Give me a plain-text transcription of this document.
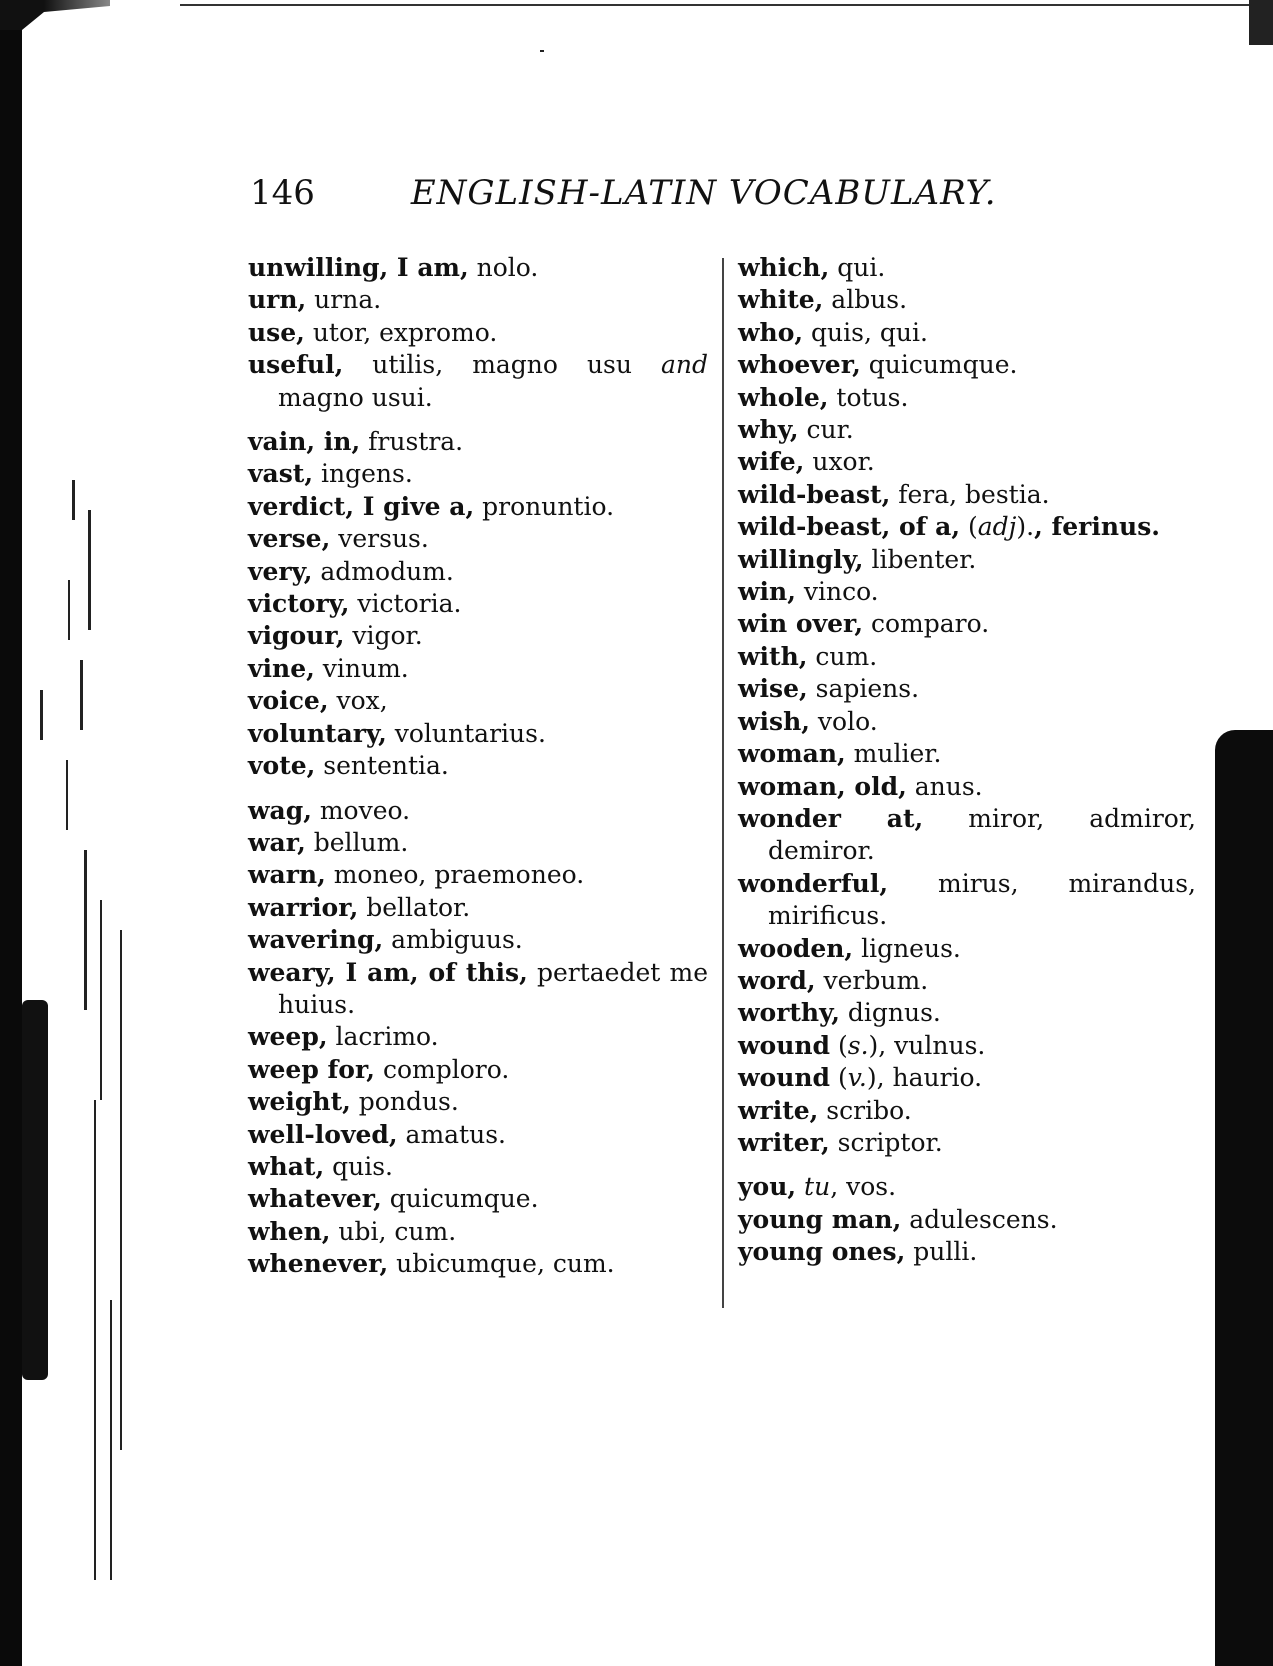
146	ENGLISH-LATIN VOCABULARY.
unwilling, I am, nolo.
urn, urna.
use, utor, expromo.
useful, utilis, magno usu and magno usui.
vain, in, frustra.
vast, ingens.
verdict, I give a, pronuntio.
verse, versus.
very, admodum.
victory, victoria.
vigour, vigor.
vine, vinum.
voice, vox,
voluntary, voluntarius.
vote, sententia.
wag, moveo.
war, bellum.
warn, moneo, praemoneo.
warrior, bellator.
wavering, ambiguus.
weary, I am, of this, pertaedet me huius.
weep, lacrimo.
weep for, comploro.
weight, pondus.
well-loved, amatus.
what, quis.
whatever, quicumque.
when, ubi, cum.
whenever, ubicumque, cum.
which, qui.
white, albus.
who, quis, qui.
whoever, quicumque.
whole, totus.
why, cur.
wife, uxor.
wild-beast, fera, bestia.
wild-beast, of a, (adj)., ferinus.
willingly, libenter.
win, vinco.
win over, comparo.
with, cum.
wise, sapiens.
wish, volo.
woman, mulier.
woman, old, anus.
wonder at, miror, admiror, demiror.
wonderful, mirus, mirandus, mirificus.
wooden, ligneus.
word, verbum.
worthy, dignus.
wound (s.), vulnus.
wound (v.), haurio.
write, scribo.
writer, scriptor.
you, tu, vos.
young man, adulescens.
young ones, pulli.
